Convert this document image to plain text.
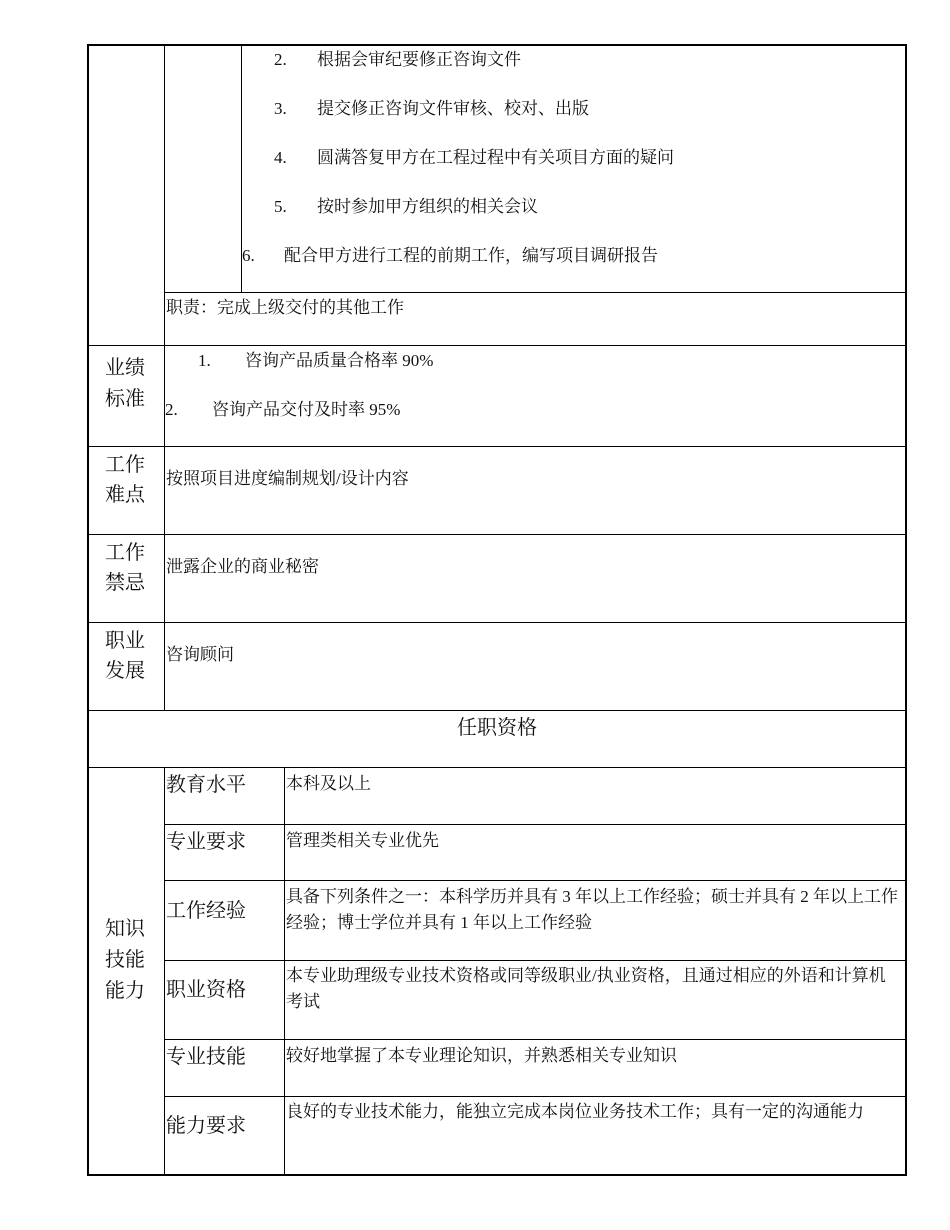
2. 根据会审纪要修正咨询文件
3. 提交修正咨询文件审核、校对、出版
4. 圆满答复甲方在工程过程中有关项目方面的疑问
5. 按时参加甲方组织的相关会议
6. 配合甲方进行工程的前期工作，编写项目调研报告
职责：完成上级交付的其他工作
业绩
标准
1. 咨询产品质量合格率 90%
2. 咨询产品交付及时率 95%
工作
难点
按照项目进度编制规划/设计内容
工作
禁忌
泄露企业的商业秘密
职业
发展
咨询顾问
任职资格
知识
技能
能力
教育水平 本科及以上
专业要求 管理类相关专业优先
工作经验
具备下列条件之一：本科学历并具有 3 年以上工作经验；硕士并具有 2 年以上工作经验；博士学位并具有 1 年以上工作经验
职业资格
本专业助理级专业技术资格或同等级职业/执业资格，且通过相应的外语和计算机考试
专业技能 较好地掌握了本专业理论知识，并熟悉相关专业知识
能力要求
良好的专业技术能力，能独立完成本岗位业务技术工作；具有一定的沟通能力
